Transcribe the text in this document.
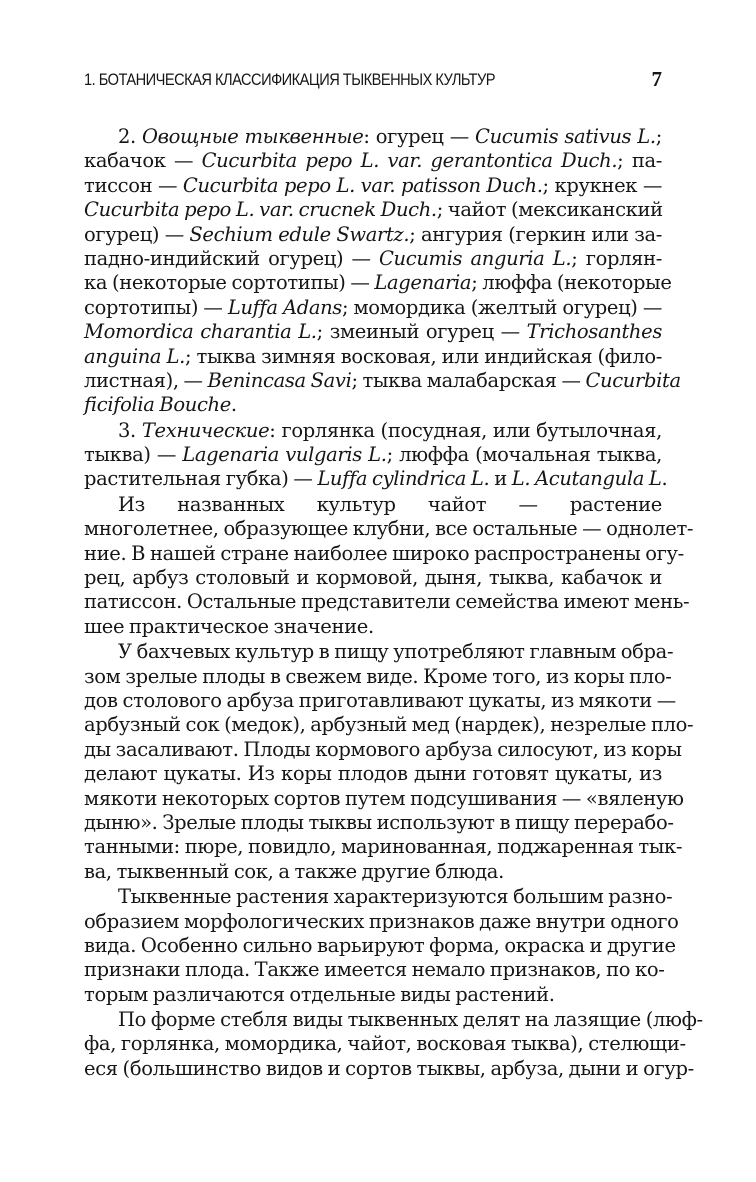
1. БОТАНИЧЕСКАЯ КЛАССИФИКАЦИЯ ТЫКВЕННЫХ КУЛЬТУР	7
2. Овощные тыквенные: огурец — Cucumis sativus L.;
кабачок — Cucurbita pepo L. var. gerantontica Duch.; па-
тиссон — Cucurbita pepo L. var. patisson Duch.; крукнек —
Cucurbita pepo L. var. crucnek Duch.; чайот (мексиканский
огурец) — Sechium edule Swartz.; ангурия (геркин или за-
падно-индийский огурец) — Cucumis anguria L.; горлян-
ка (некоторые сортотипы) — Lagenaria; люффа (некоторые
сортотипы) — Luffa Adans; момордика (желтый огурец) —
Momordica charantia L.; змеиный огурец — Trichosanthes
anguina L.; тыква зимняя восковая, или индийская (фило-
листная), — Benincasa Savi; тыква малабарская — Cucurbita
ficifolia Bouche.
3. Технические: горлянка (посудная, или бутылочная,
тыква) — Lagenaria vulgaris L.; люффа (мочальная тыква,
растительная губка) — Luffa cylindrica L. и L. Acutangula L.
Из названных культур чайот — растение
многолетнее, образующее клубни, все остальные — однолет-
ние. В нашей стране наиболее широко распространены огу-
рец, арбуз столовый и кормовой, дыня, тыква, кабачок и
патиссон. Остальные представители семейства имеют мень-
шее практическое значение.
У бахчевых культур в пищу употребляют главным обра-
зом зрелые плоды в свежем виде. Кроме того, из коры пло-
дов столового арбуза приготавливают цукаты, из мякоти —
арбузный сок (медок), арбузный мед (нардек), незрелые пло-
ды засаливают. Плоды кормового арбуза силосуют, из коры
делают цукаты. Из коры плодов дыни готовят цукаты, из
мякоти некоторых сортов путем подсушивания — «вяленую
дыню». Зрелые плоды тыквы используют в пищу перерабо-
танными: пюре, повидло, маринованная, поджаренная тык-
ва, тыквенный сок, а также другие блюда.
Тыквенные растения характеризуются большим разно-
образием морфологических признаков даже внутри одного
вида. Особенно сильно варьируют форма, окраска и другие
признаки плода. Также имеется немало признаков, по ко-
торым различаются отдельные виды растений.
По форме стебля виды тыквенных делят на лазящие (люф-
фа, горлянка, момордика, чайот, восковая тыква), стелющи-
еся (большинство видов и сортов тыквы, арбуза, дыни и огур-
